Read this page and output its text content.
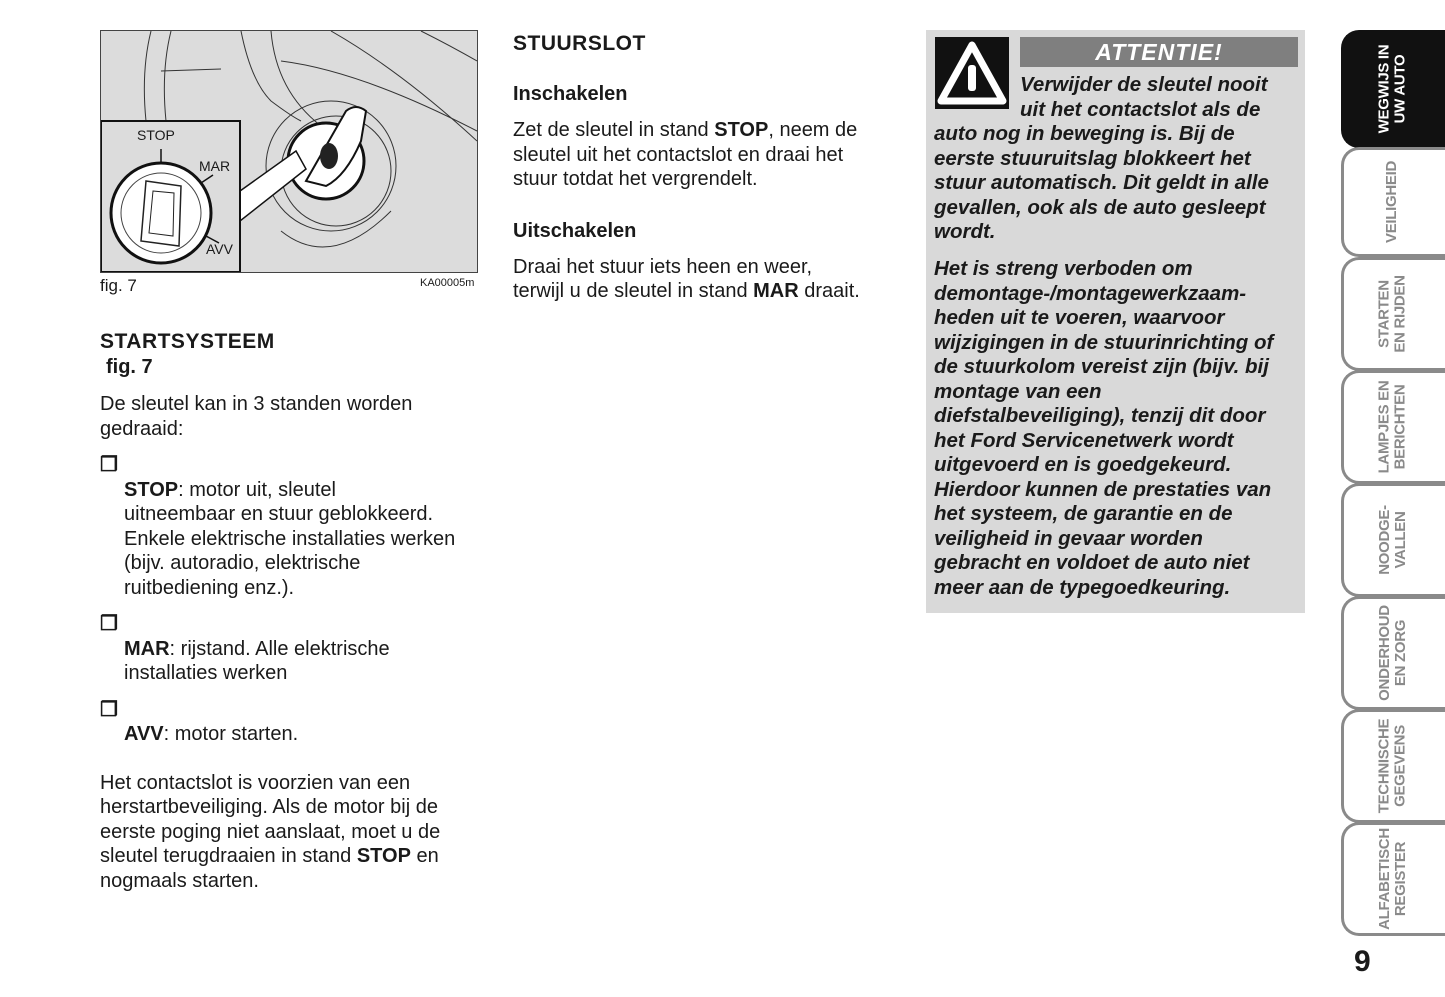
STOP
MAR
AVV
fig. 7	KA00005m
STARTSYSTEEM
fig. 7
De sleutel kan in 3 standen worden
gedraaid:

❒
STOP: motor uit, sleutel
uitneembaar en stuur geblokkeerd.
Enkele elektrische installaties werken
(bijv. autoradio, elektrische
ruitbediening enz.).

❒
MAR: rijstand. Alle elektrische
installaties werken

❒
AVV: motor starten.

Het contactslot is voorzien van een
herstartbeveiliging. Als de motor bij de
eerste poging niet aanslaat, moet u de
sleutel terugdraaien in stand STOP en
nogmaals starten.
STUURSLOT
Inschakelen
Zet de sleutel in stand STOP, neem de
sleutel uit het contactslot en draai het
stuur totdat het vergrendelt.
Uitschakelen
Draai het stuur iets heen en weer,
terwijl u de sleutel in stand MAR draait.
ATTENTIE!
Verwijder de sleutel nooit
uit het contactslot als de
auto nog in beweging is. Bij de
eerste stuuruitslag blokkeert het
stuur automatisch. Dit geldt in alle
gevallen, ook als de auto gesleept
wordt.
Het is streng verboden om
demontage-/montagewerkzaam-
heden uit te voeren, waarvoor
wijzigingen in de stuurinrichting of
de stuurkolom vereist zijn (bijv. bij
montage van een
diefstalbeveiliging), tenzij dit door
het Ford Servicenetwerk wordt
uitgevoerd en is goedgekeurd.
Hierdoor kunnen de prestaties van
het systeem, de garantie en de
veiligheid in gevaar worden
gebracht en voldoet de auto niet
meer aan de typegoedkeuring.
WEGWIJS IN
UW AUTO
VEILIGHEID
STARTEN
EN RIJDEN
LAMPJES EN
BERICHTEN
NOODGE-
VALLEN
ONDERHOUD
EN ZORG
TECHNISCHE
GEGEVENS
ALFABETISCH
REGISTER
9
